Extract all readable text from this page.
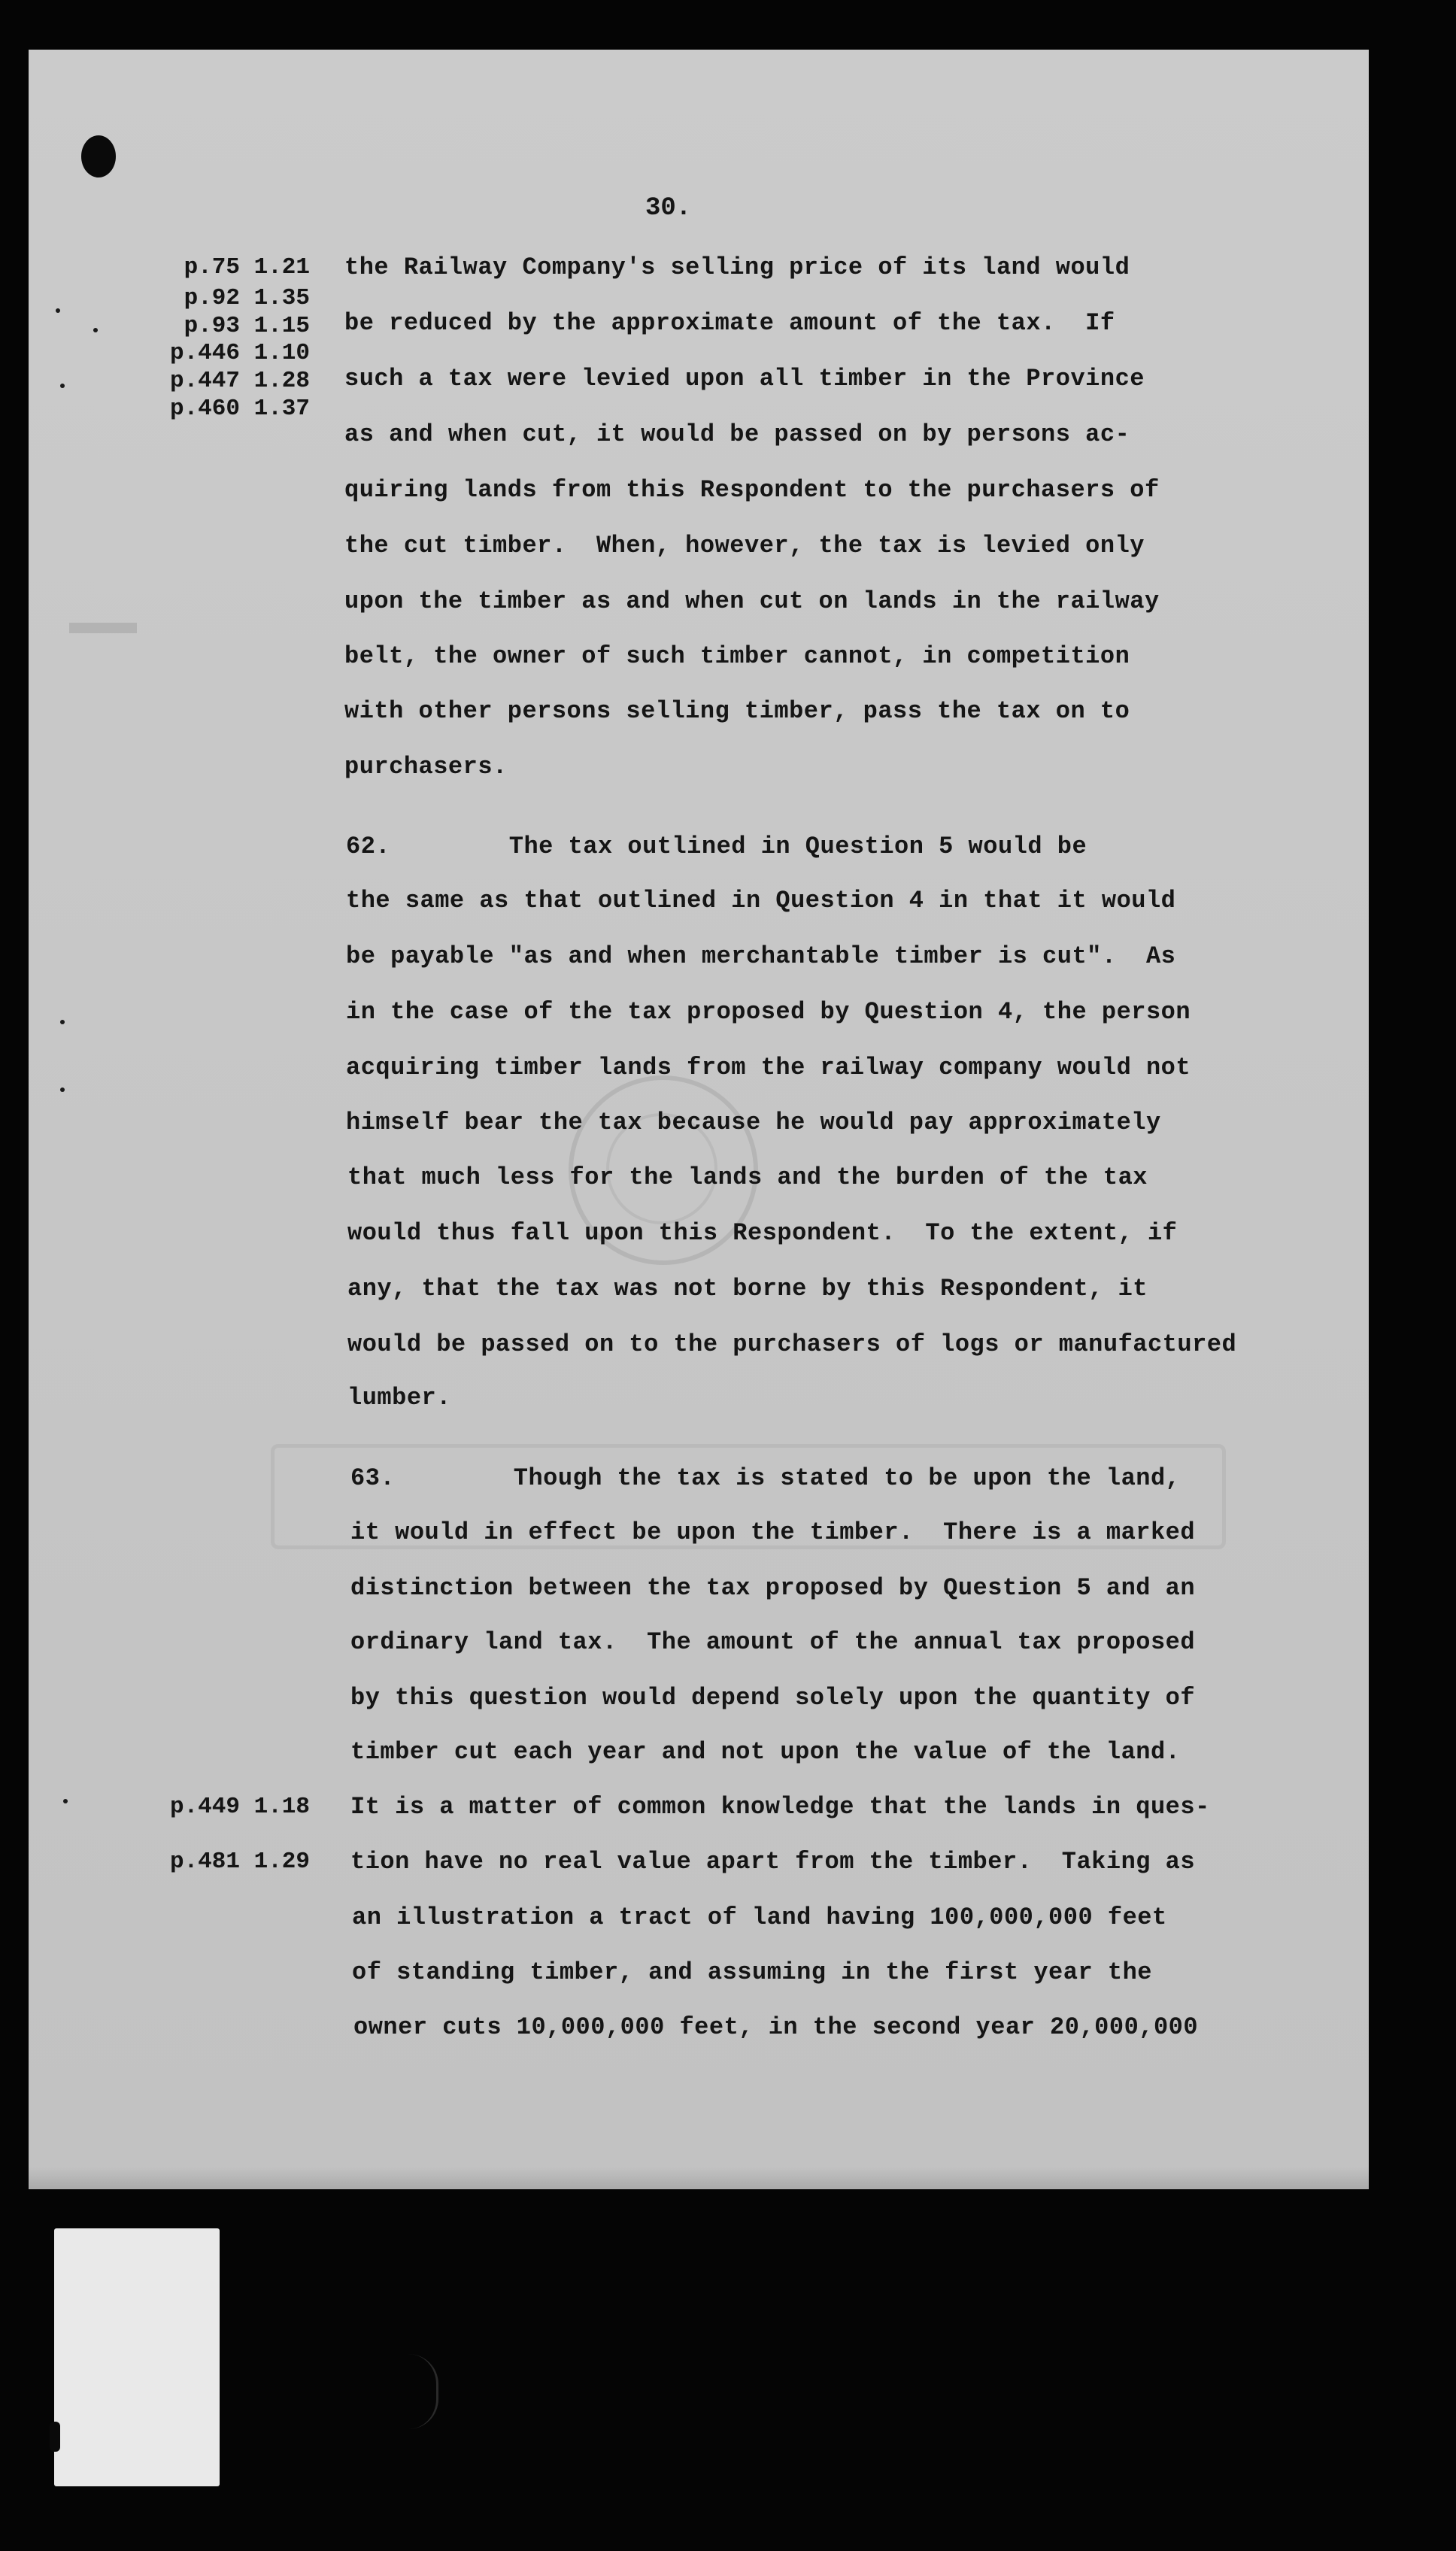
30.

p.75 1.21
p.92 1.35
p.93 1.15
p.446 1.10
p.447 1.28
p.460 1.37
p.449 1.18
p.481 1.29
the Railway Company's selling price of its land would
be reduced by the approximate amount of the tax.  If
such a tax were levied upon all timber in the Province
as and when cut, it would be passed on by persons ac-
quiring lands from this Respondent to the purchasers of
the cut timber.  When, however, the tax is levied only
upon the timber as and when cut on lands in the railway
belt, the owner of such timber cannot, in competition
with other persons selling timber, pass the tax on to
purchasers.
62.        The tax outlined in Question 5 would be
the same as that outlined in Question 4 in that it would
be payable "as and when merchantable timber is cut".  As
in the case of the tax proposed by Question 4, the person
acquiring timber lands from the railway company would not
himself bear the tax because he would pay approximately
that much less for the lands and the burden of the tax
would thus fall upon this Respondent.  To the extent, if
any, that the tax was not borne by this Respondent, it
would be passed on to the purchasers of logs or manufactured
lumber.
63.        Though the tax is stated to be upon the land,
it would in effect be upon the timber.  There is a marked
distinction between the tax proposed by Question 5 and an
ordinary land tax.  The amount of the annual tax proposed
by this question would depend solely upon the quantity of
timber cut each year and not upon the value of the land.
It is a matter of common knowledge that the lands in ques-
tion have no real value apart from the timber.  Taking as
an illustration a tract of land having 100,000,000 feet
of standing timber, and assuming in the first year the
owner cuts 10,000,000 feet, in the second year 20,000,000
